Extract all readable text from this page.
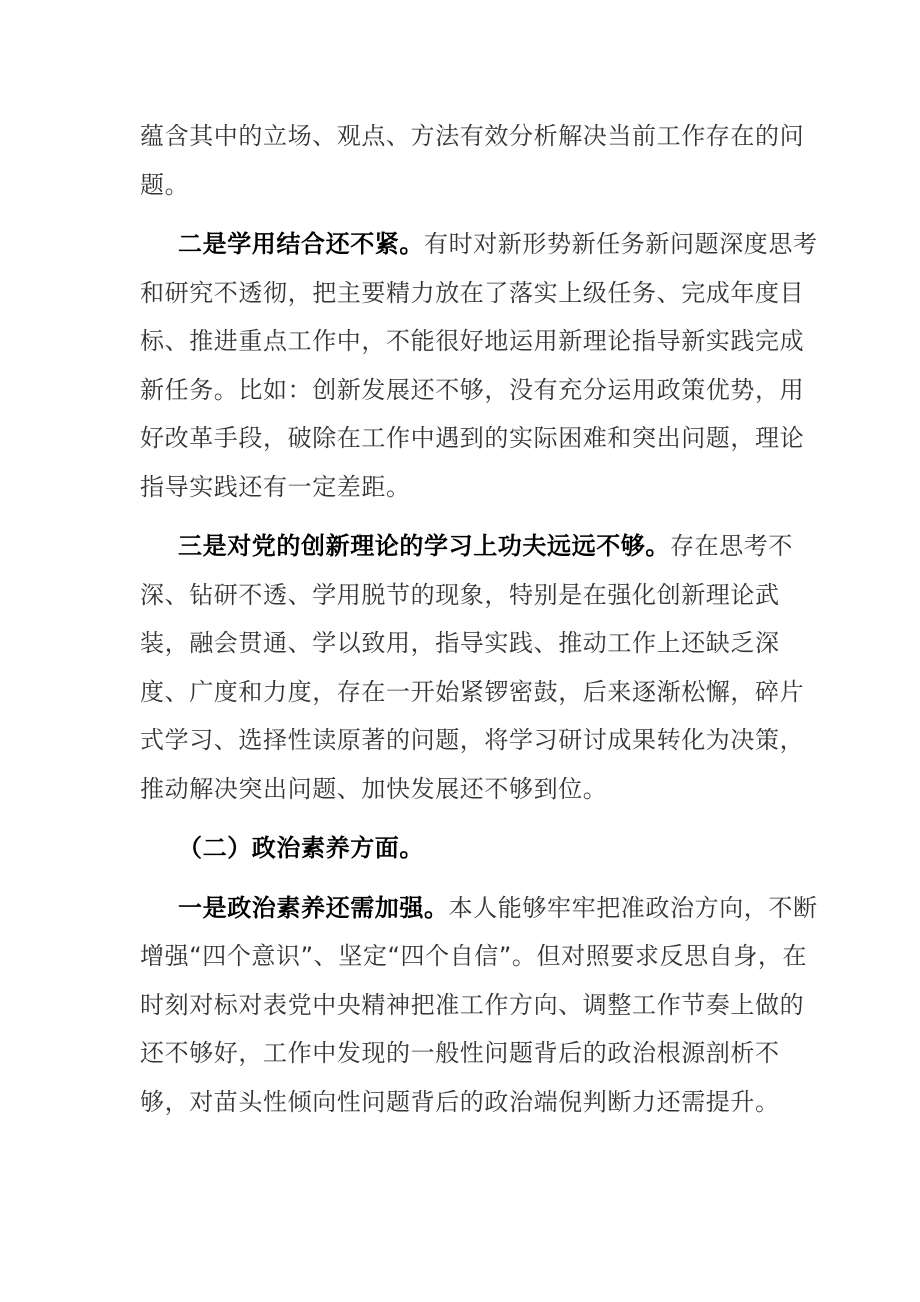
蕴含其中的立场、观点、方法有效分析解决当前工作存在的问题。

二是学用结合还不紧。有时对新形势新任务新问题深度思考和研究不透彻，把主要精力放在了落实上级任务、完成年度目标、推进重点工作中，不能很好地运用新理论指导新实践完成新任务。比如：创新发展还不够，没有充分运用政策优势，用好改革手段，破除在工作中遇到的实际困难和突出问题，理论指导实践还有一定差距。

三是对党的创新理论的学习上功夫远远不够。存在思考不深、钻研不透、学用脱节的现象，特别是在强化创新理论武装，融会贯通、学以致用，指导实践、推动工作上还缺乏深度、广度和力度，存在一开始紧锣密鼓，后来逐渐松懈，碎片式学习、选择性读原著的问题，将学习研讨成果转化为决策，推动解决突出问题、加快发展还不够到位。

（二）政治素养方面。

一是政治素养还需加强。本人能够牢牢把准政治方向，不断增强“四个意识”、坚定“四个自信”。但对照要求反思自身，在时刻对标对表党中央精神把准工作方向、调整工作节奏上做的还不够好，工作中发现的一般性问题背后的政治根源剖析不够，对苗头性倾向性问题背后的政治端倪判断力还需提升。
